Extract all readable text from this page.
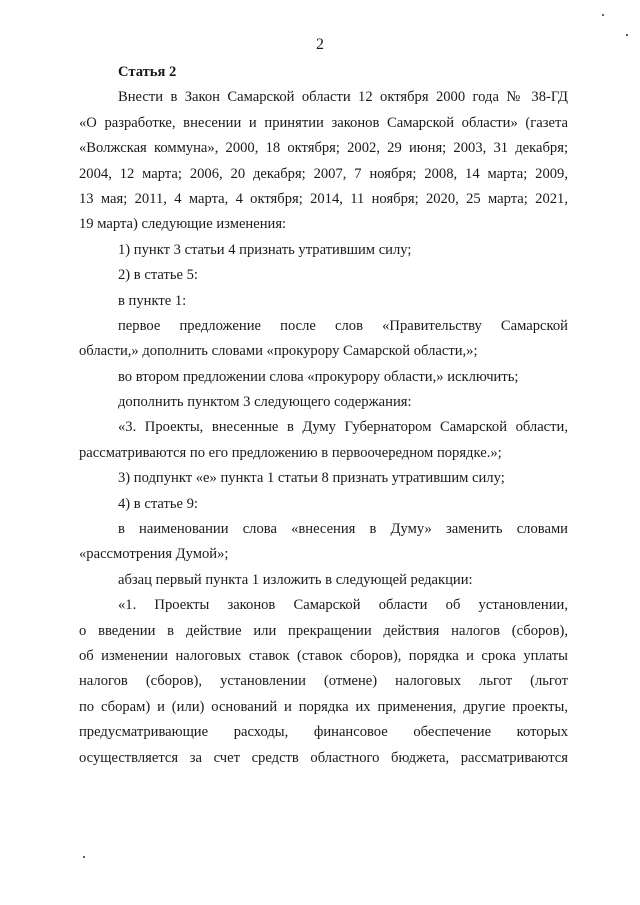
2
Статья 2
Внести в Закон Самарской области 12 октября 2000 года № 38-ГД
«О разработке, внесении и принятии законов Самарской области» (газета
«Волжская коммуна», 2000, 18 октября; 2002, 29 июня; 2003, 31 декабря;
2004, 12 марта; 2006, 20 декабря; 2007, 7 ноября; 2008, 14 марта; 2009,
13 мая; 2011, 4 марта, 4 октября; 2014, 11 ноября; 2020, 25 марта; 2021,
19 марта) следующие изменения:
1) пункт 3 статьи 4 признать утратившим силу;
2) в статье 5:
в пункте 1:
первое предложение после слов «Правительству Самарской
области,» дополнить словами «прокурору Самарской области,»;
во втором предложении слова «прокурору области,» исключить;
дополнить пунктом 3 следующего содержания:
«3. Проекты, внесенные в Думу Губернатором Самарской области,
рассматриваются по его предложению в первоочередном порядке.»;
3) подпункт «е» пункта 1 статьи 8 признать утратившим силу;
4) в статье 9:
в наименовании слова «внесения в Думу» заменить словами
«рассмотрения Думой»;
абзац первый пункта 1 изложить в следующей редакции:
«1. Проекты законов Самарской области об установлении,
о введении в действие или прекращении действия налогов (сборов),
об изменении налоговых ставок (ставок сборов), порядка и срока уплаты
налогов (сборов), установлении (отмене) налоговых льгот (льгот
по сборам) и (или) оснований и порядка их применения, другие проекты,
предусматривающие расходы, финансовое обеспечение которых
осуществляется за счет средств областного бюджета, рассматриваются
